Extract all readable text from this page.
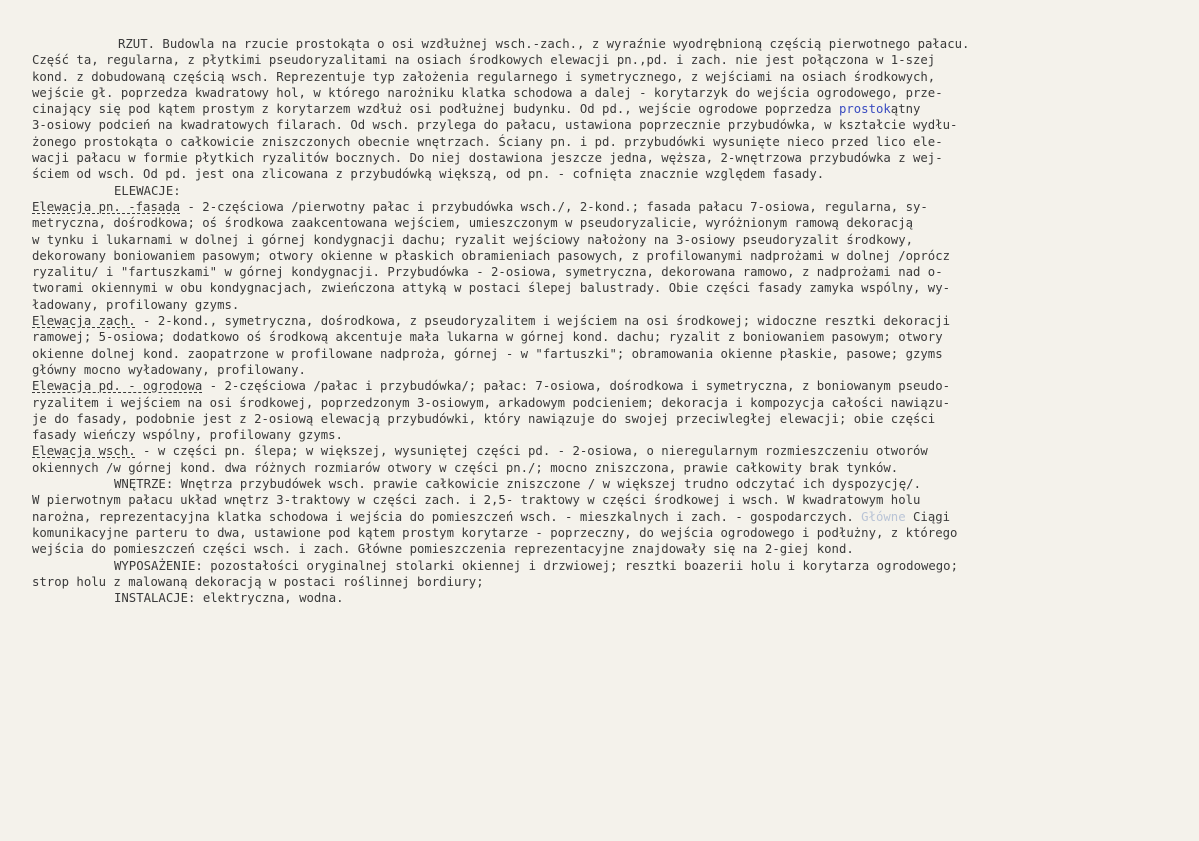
RZUT. Budowla na rzucie prostokąta o osi wzdłużnej wsch.-zach., z wyraźnie wyodrębnioną częścią pierwotnego pałacu.
Część ta, regularna, z płytkimi pseudoryzalitami na osiach środkowych elewacji pn.,pd. i zach. nie jest połączona w 1-szej
kond. z dobudowaną częścią wsch. Reprezentuje typ założenia regularnego i symetrycznego, z wejściami na osiach środkowych,
wejście gł. poprzedza kwadratowy hol, w którego narożniku klatka schodowa a dalej - korytarzyk do wejścia ogrodowego, prze-
cinający się pod kątem prostym z korytarzem wzdłuż osi podłużnej budynku. Od pd., wejście ogrodowe poprzedza prostokątny
3-osiowy podcień na kwadratowych filarach. Od wsch. przylega do pałacu, ustawiona poprzecznie przybudówka, w kształcie wydłu-
żonego prostokąta o całkowicie zniszczonych obecnie wnętrzach. Ściany pn. i pd. przybudówki wysunięte nieco przed lico ele-
wacji pałacu w formie płytkich ryzalitów bocznych. Do niej dostawiona jeszcze jedna, węższa, 2-wnętrzowa przybudówka z wej-
ściem od wsch. Od pd. jest ona zlicowana z przybudówką większą, od pn. - cofnięta znacznie względem fasady.
ELEWACJE:
Elewacja pn. -fasada - 2-częściowa /pierwotny pałac i przybudówka wsch./, 2-kond.; fasada pałacu 7-osiowa, regularna, sy-
metryczna, dośrodkowa; oś środkowa zaakcentowana wejściem, umieszczonym w pseudoryzalicie, wyróżnionym ramową dekoracją
w tynku i lukarnami w dolnej i górnej kondygnacji dachu; ryzalit wejściowy nałożony na 3-osiowy pseudoryzalit środkowy,
dekorowany boniowaniem pasowym; otwory okienne w płaskich obramieniach pasowych, z profilowanymi nadprożami w dolnej /oprócz
ryzalitu/ i "fartuszkami" w górnej kondygnacji. Przybudówka - 2-osiowa, symetryczna, dekorowana ramowo, z nadprożami nad o-
tworami okiennymi w obu kondygnacjach, zwieńczona attyką w postaci ślepej balustrady. Obie części fasady zamyka wspólny, wy-
ładowany, profilowany gzyms.
Elewacja zach. - 2-kond., symetryczna, dośrodkowa, z pseudoryzalitem i wejściem na osi środkowej; widoczne resztki dekoracji
ramowej; 5-osiowa; dodatkowo oś środkową akcentuje mała lukarna w górnej kond. dachu; ryzalit z boniowaniem pasowym; otwory
okienne dolnej kond. zaopatrzone w profilowane nadproża, górnej - w "fartuszki"; obramowania okienne płaskie, pasowe; gzyms
główny mocno wyładowany, profilowany.
Elewacja pd. - ogrodowa - 2-częściowa /pałac i przybudówka/; pałac: 7-osiowa, dośrodkowa i symetryczna, z boniowanym pseudo-
ryzalitem i wejściem na osi środkowej, poprzedzonym 3-osiowym, arkadowym podcieniem; dekoracja i kompozycja całości nawiązu-
je do fasady, podobnie jest z 2-osiową elewacją przybudówki, który nawiązuje do swojej przeciwległej elewacji; obie części
fasady wieńczy wspólny, profilowany gzyms.
Elewacja wsch. - w części pn. ślepa; w większej, wysuniętej części pd. - 2-osiowa, o nieregularnym rozmieszczeniu otworów
okiennych /w górnej kond. dwa różnych rozmiarów otwory w części pn./; mocno zniszczona, prawie całkowity brak tynków.
WNĘTRZE: Wnętrza przybudówek wsch. prawie całkowicie zniszczone / w większej trudno odczytać ich dyspozycję/.
W pierwotnym pałacu układ wnętrz 3-traktowy w części zach. i 2,5- traktowy w części środkowej i wsch. W kwadratowym holu
narożna, reprezentacyjna klatka schodowa i wejścia do pomieszczeń wsch. - mieszkalnych i zach. - gospodarczych. Główne Ciągi
komunikacyjne parteru to dwa, ustawione pod kątem prostym korytarze - poprzeczny, do wejścia ogrodowego i podłużny, z którego
wejścia do pomieszczeń części wsch. i zach. Główne pomieszczenia reprezentacyjne znajdowały się na 2-giej kond.
WYPOSAŻENIE: pozostałości oryginalnej stolarki okiennej i drzwiowej; resztki boazerii holu i korytarza ogrodowego;
strop holu z malowaną dekoracją w postaci roślinnej bordiury;
INSTALACJE: elektryczna, wodna.
